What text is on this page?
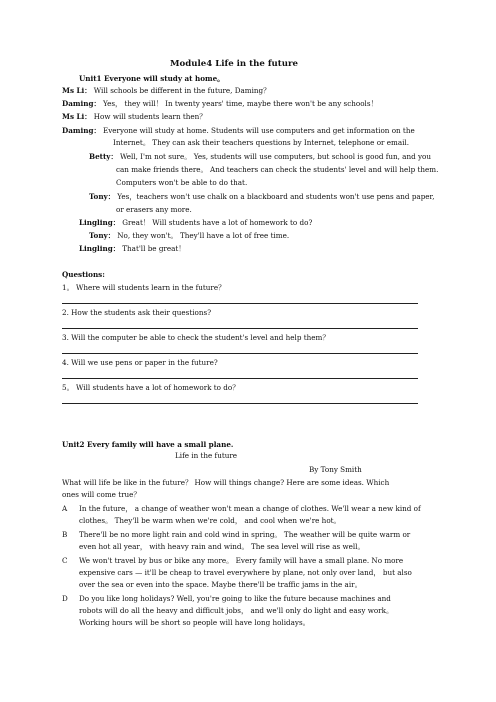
Module4 Life in the future
Unit1 Everyone will study at home。
Ms Li： Will schools be different in the future, Daming？
Daming： Yes， they will！ In twenty years' time, maybe there won't be any schools！
Ms Li： How will students learn then？
Daming： Everyone will study at home. Students will use computers and get information on the
Internet。 They can ask their teachers questions by Internet, telephone or email.
Betty： Well, I'm not sure。 Yes, students will use computers, but school is good fun, and you
can make friends there。 And teachers can check the students' level and will help them.
Computers won't be able to do that.
Tony： Yes，teachers won't use chalk on a blackboard and students won't use pens and paper,
or erasers any more.
Lingling： Great！ Will students have a lot of homework to do?
Tony： No, they won't。 They'll have a lot of free time.
Lingling： That'll be great！
Questions:
1。 Where will students learn in the future？
2. How the students ask their questions?
3. Will the computer be able to check the student's level and help them？
4. Will we use pens or paper in the future?
5。 Will students have a lot of homework to do？
Unit2 Every family will have a small plane.
Life in the future
By Tony Smith
What will life be like in the future？ How will things change? Here are some ideas. Which
ones will come true？
A In the future， a change of weather won't mean a change of clothes. We'll wear a new kind of
clothes。 They'll be warm when we're cold， and cool when we're hot。
B There'll be no more light rain and cold wind in spring。 The weather will be quite warm or
even hot all year， with heavy rain and wind。 The sea level will rise as well。
C We won't travel by bus or bike any more。 Every family will have a small plane. No more
expensive cars — it'll be cheap to travel everywhere by plane, not only over land， but also
over the sea or even into the space. Maybe there'll be traffic jams in the air。
D Do you like long holidays? Well, you're going to like the future because machines and
robots will do all the heavy and difficult jobs， and we'll only do light and easy work。
Working hours will be short so people will have long holidays。
